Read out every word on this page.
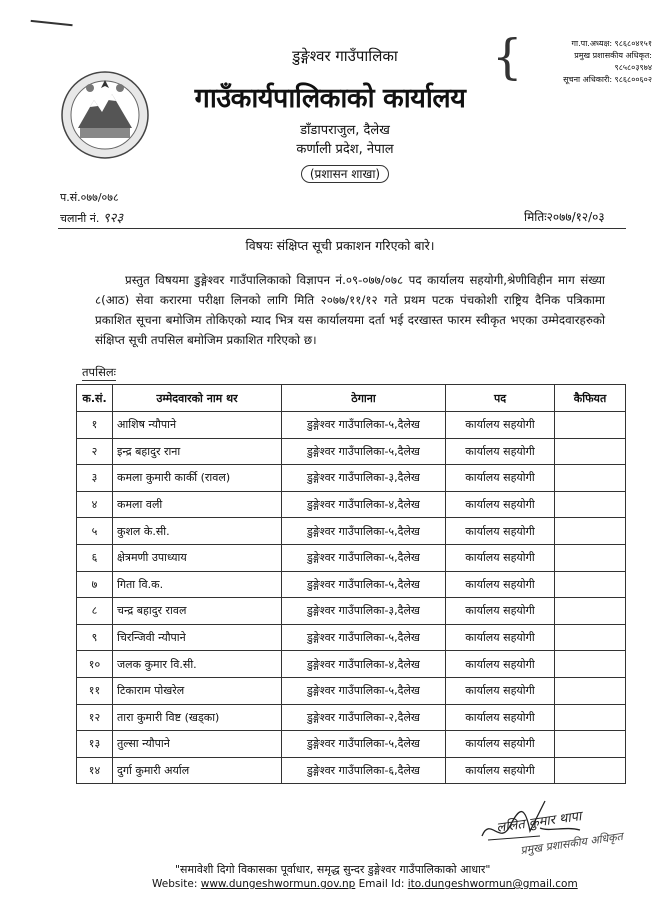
डुङ्गेश्वर गाउँपालिका
गाउँकार्यपालिकाको कार्यालय
डाँडापराजुल, दैलेख
कर्णाली प्रदेश, नेपाल
(प्रशासन शाखा)
{	गा.पा.अध्यक्ष: ९८६८०४१५१
प्रमुख प्रशासकीय अधिकृत:
९८५८०३९७४
सूचना अधिकारी: ९८६८००६०२
प.सं.०७७/०७८
चलानी नं. ९२३	मितिः२०७७/१२/०३
विषयः संक्षिप्त सूची प्रकाशन गरिएको बारे।
प्रस्तुत विषयमा डुङ्गेश्वर गाउँपालिकाको विज्ञापन नं.०९-०७७/०७८ पद कार्यालय सहयोगी,श्रेणीविहीन माग संख्या ८(आठ) सेवा करारमा परीक्षा लिनको लागि मिति २०७७/११/१२ गते प्रथम पटक पंचकोशी राष्ट्रिय दैनिक पत्रिकामा प्रकाशित सूचना बमोजिम तोकिएको म्याद भित्र यस कार्यालयमा दर्ता भई दरखास्त फारम स्वीकृत भएका उम्मेदवारहरुको संक्षिप्त सूची तपसिल बमोजिम प्रकाशित गरिएको छ।
तपसिलः
क.सं.	उम्मेदवारको नाम थर	ठेगाना	पद	कैफियत
१	आशिष न्यौपाने	डुङ्गेश्वर गाउँपालिका-५,दैलेख	कार्यालय सहयोगी	
२	इन्द्र बहादुर राना	डुङ्गेश्वर गाउँपालिका-५,दैलेख	कार्यालय सहयोगी	
३	कमला कुमारी कार्की (रावल)	डुङ्गेश्वर गाउँपालिका-३,दैलेख	कार्यालय सहयोगी	
४	कमला वली	डुङ्गेश्वर गाउँपालिका-४,दैलेख	कार्यालय सहयोगी	
५	कुशल के.सी.	डुङ्गेश्वर गाउँपालिका-५,दैलेख	कार्यालय सहयोगी	
६	क्षेत्रमणी उपाध्याय	डुङ्गेश्वर गाउँपालिका-५,दैलेख	कार्यालय सहयोगी	
७	गिता वि.क.	डुङ्गेश्वर गाउँपालिका-५,दैलेख	कार्यालय सहयोगी	
८	चन्द्र बहादुर रावल	डुङ्गेश्वर गाउँपालिका-३,दैलेख	कार्यालय सहयोगी	
९	चिरन्जिवी न्यौपाने	डुङ्गेश्वर गाउँपालिका-५,दैलेख	कार्यालय सहयोगी	
१०	जलक कुमार वि.सी.	डुङ्गेश्वर गाउँपालिका-४,दैलेख	कार्यालय सहयोगी	
११	टिकाराम पोखरेल	डुङ्गेश्वर गाउँपालिका-५,दैलेख	कार्यालय सहयोगी	
१२	तारा कुमारी विष्ट (खड्का)	डुङ्गेश्वर गाउँपालिका-२,दैलेख	कार्यालय सहयोगी	
१३	तुल्सा न्यौपाने	डुङ्गेश्वर गाउँपालिका-५,दैलेख	कार्यालय सहयोगी	
१४	दुर्गा कुमारी अर्याल	डुङ्गेश्वर गाउँपालिका-६,दैलेख	कार्यालय सहयोगी	
ललित कुमार थापा
प्रमुख प्रशासकीय अधिकृत
"समावेशी दिगो विकासका पूर्वाधार, समृद्ध सुन्दर डुङ्गेश्वर गाउँपालिकाको आधार"
Website: www.dungeshwormun.gov.np Email Id: ito.dungeshwormun@gmail.com
